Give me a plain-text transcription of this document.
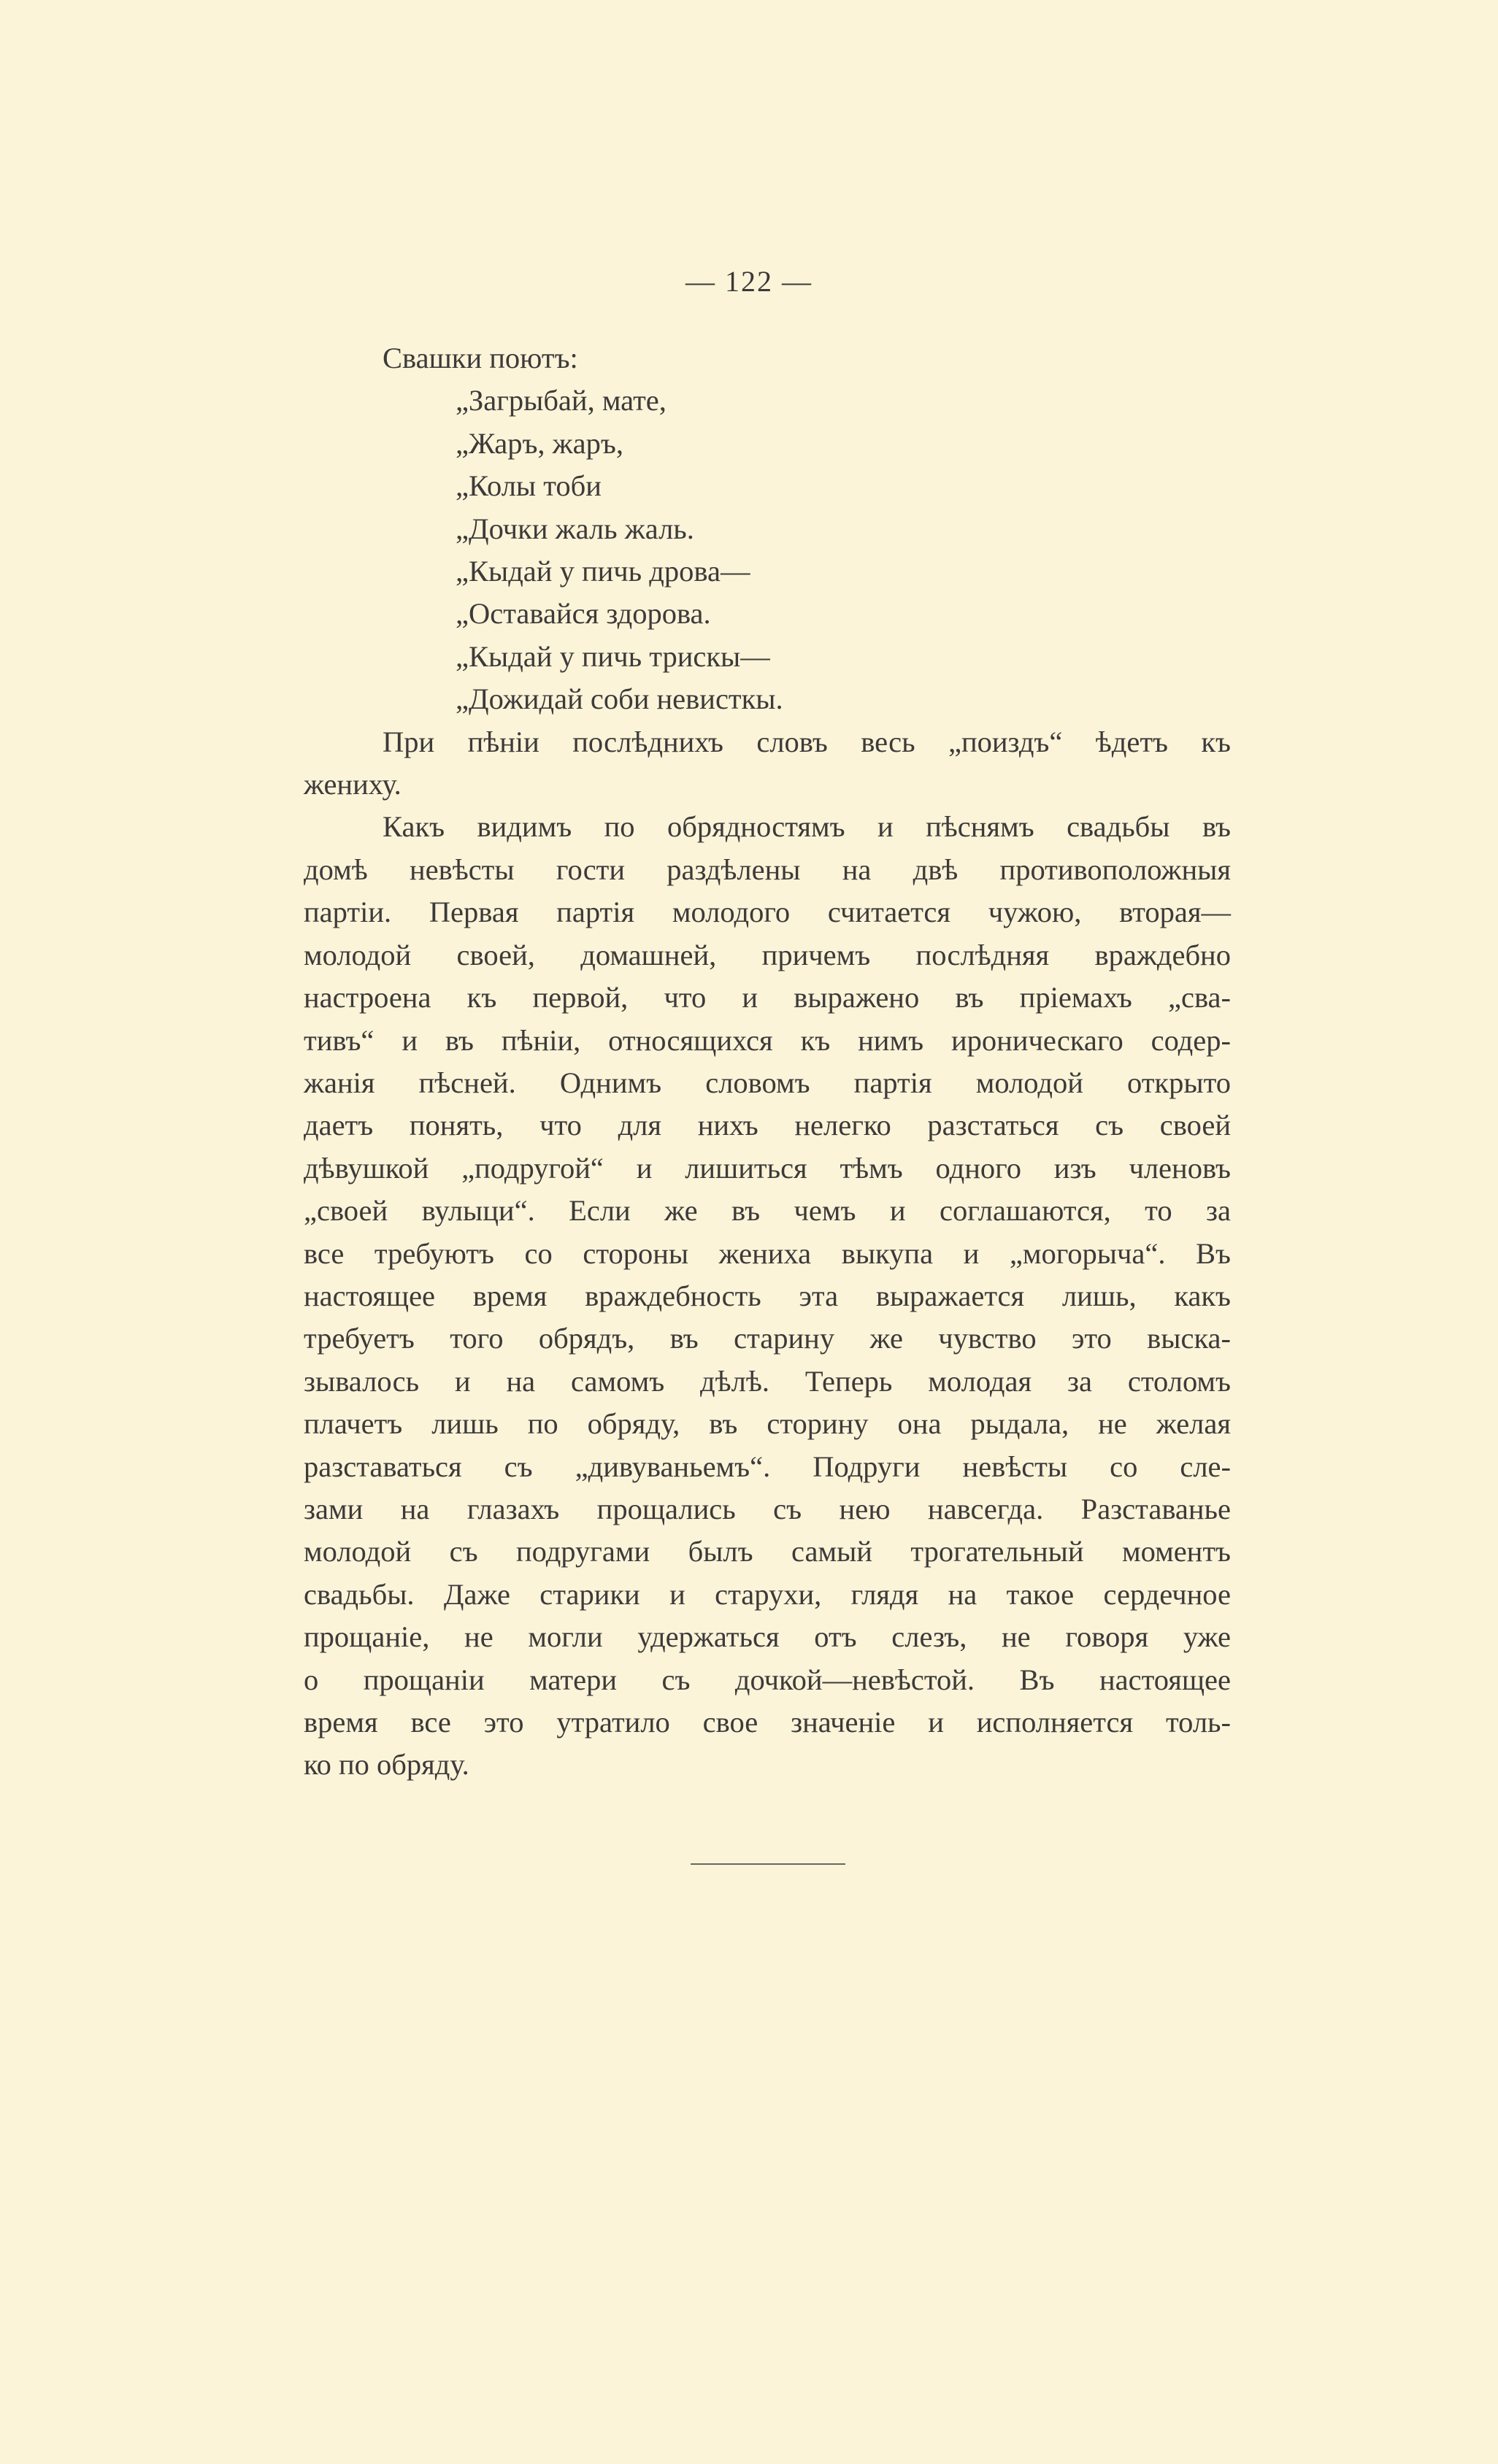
— 122 —
Свашки поютъ:
„Загрыбай, мате,
„Жаръ, жаръ,
„Колы тоби
„Дочки жаль жаль.
„Кыдай у пичь дрова—
„Оставайся здорова.
„Кыдай у пичь трискы—
„Дожидай соби невисткы.
При пѣніи послѣднихъ словъ весь „поиздъ“ ѣдетъ къ
жениху.
Какъ видимъ по обрядностямъ и пѣснямъ свадьбы въ
домѣ невѣсты гости раздѣлены на двѣ противоположныя
партіи. Первая партія молодого считается чужою, вторая—
молодой своей, домашней, причемъ послѣдняя враждебно
настроена къ первой, что и выражено въ пріемахъ „сва-
тивъ“ и въ пѣніи, относящихся къ нимъ ироническаго содер-
жанія пѣсней. Однимъ словомъ партія молодой открыто
даетъ понять, что для нихъ нелегко разстаться съ своей
дѣвушкой „подругой“ и лишиться тѣмъ одного изъ членовъ
„своей вулыци“. Если же въ чемъ и соглашаются, то за
все требуютъ со стороны жениха выкупа и „могорыча“. Въ
настоящее время враждебность эта выражается лишь, какъ
требуетъ того обрядъ, въ старину же чувство это выска-
зывалось и на самомъ дѣлѣ. Теперь молодая за столомъ
плачетъ лишь по обряду, въ сторину она рыдала, не желая
разставаться съ „дивуваньемъ“. Подруги невѣсты со сле-
зами на глазахъ прощались съ нею навсегда. Разставанье
молодой съ подругами былъ самый трогательный моментъ
свадьбы. Даже старики и старухи, глядя на такое сердечное
прощаніе, не могли удержаться отъ слезъ, не говоря уже
о прощаніи матери съ дочкой—невѣстой. Въ настоящее
время все это утратило свое значеніе и исполняется толь-
ко по обряду.
